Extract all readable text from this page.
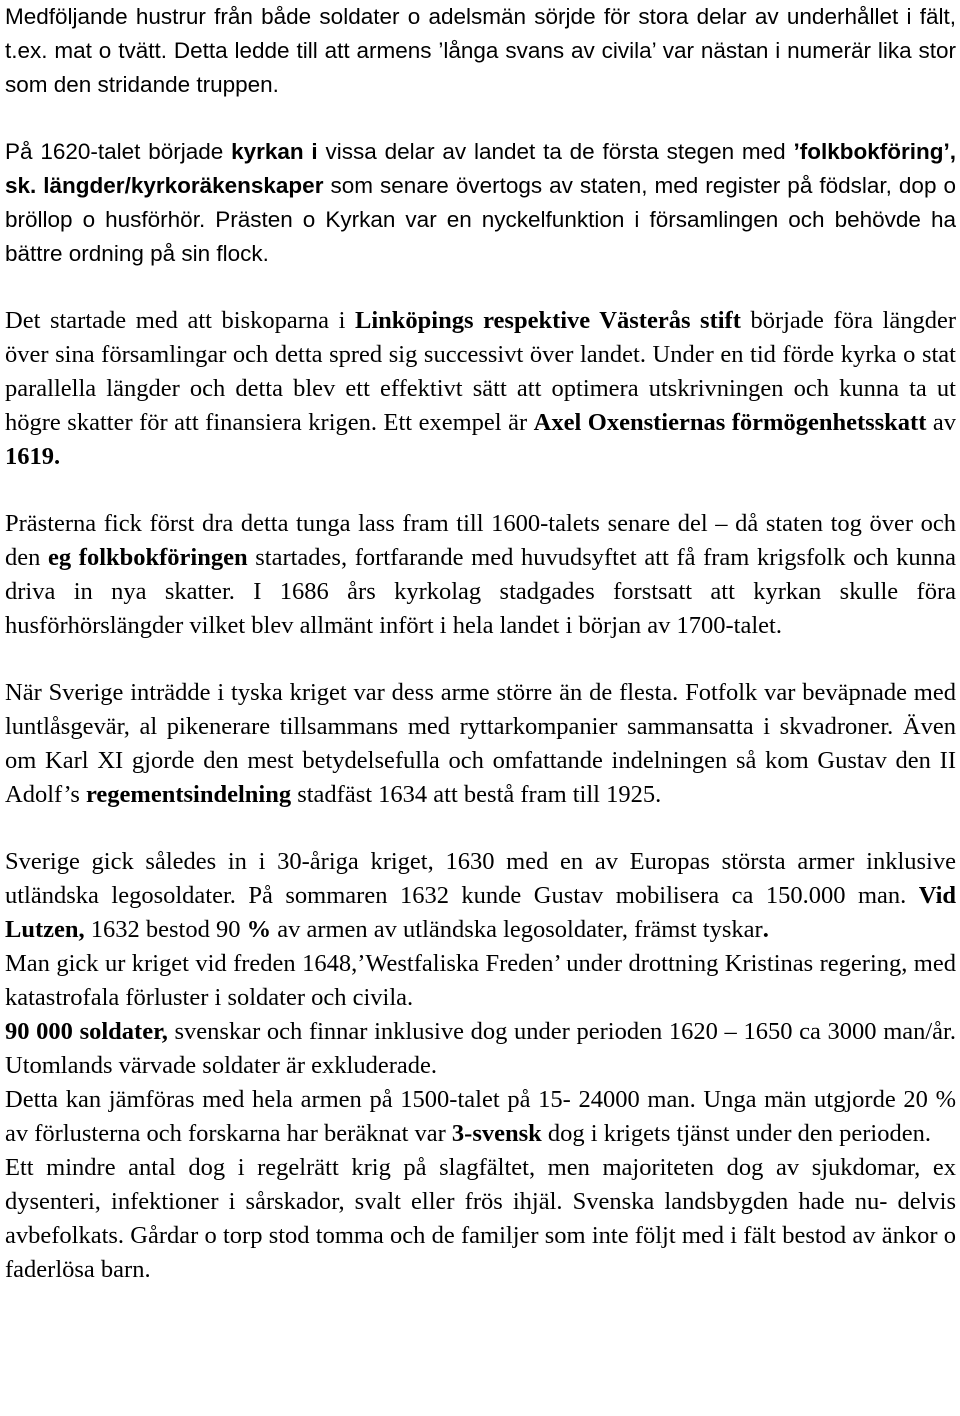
Medföljande hustrur från både soldater o adelsmän sörjde för stora delar av underhållet i fält, t.ex. mat o tvätt. Detta ledde till att armens ’långa svans av civila’ var nästan i numerär lika stor som den stridande truppen.

På 1620-talet började kyrkan i vissa delar av landet ta de första stegen med ’folkbokföring’, sk. längder/kyrkoräkenskaper som senare övertogs av staten, med register på födslar, dop o bröllop o husförhör. Prästen o Kyrkan var en nyckelfunktion i församlingen och behövde ha bättre ordning på sin flock.

Det startade med att biskoparna i Linköpings respektive Västerås stift började föra längder över sina församlingar och detta spred sig successivt över landet. Under en tid förde kyrka o stat parallella längder och detta blev ett effektivt sätt att optimera utskrivningen och kunna ta ut högre skatter för att finansiera krigen. Ett exempel är Axel Oxenstiernas förmögenhetsskatt av 1619.

Prästerna fick först dra detta tunga lass fram till 1600-talets senare del – då staten tog över och den eg folkbokföringen startades, fortfarande med huvudsyftet att få fram krigsfolk och kunna driva in nya skatter. I 1686 års kyrkolag stadgades forstsatt att kyrkan skulle föra husförhörslängder vilket blev allmänt infört i hela landet i början av 1700-talet.

När Sverige inträdde i tyska kriget var dess arme större än de flesta. Fotfolk var beväpnade med luntlåsgevär, al pikenerare tillsammans med ryttarkompanier sammansatta i skvadroner. Även om Karl XI gjorde den mest betydelsefulla och omfattande indelningen så kom Gustav den II Adolf’s regementsindelning stadfäst 1634 att bestå fram till 1925.

Sverige gick således in i 30-åriga kriget, 1630 med en av Europas största armer inklusive utländska legosoldater. På sommaren 1632 kunde Gustav mobilisera ca 150.000 man. Vid Lutzen, 1632 bestod 90 % av armen av utländska legosoldater, främst tyskar.

Man gick ur kriget vid freden 1648,’Westfaliska Freden’ under drottning Kristinas regering, med katastrofala förluster i soldater och civila.

90 000 soldater, svenskar och finnar inklusive dog under perioden 1620 – 1650 ca 3000 man/år. Utomlands värvade soldater är exkluderade.

Detta kan jämföras med hela armen på 1500-talet på 15- 24000 man. Unga män utgjorde 20 % av förlusterna och forskarna har beräknat var 3-svensk dog i krigets tjänst under den perioden.

Ett mindre antal dog i regelrätt krig på slagfältet, men majoriteten dog av sjukdomar, ex dysenteri, infektioner i sårskador, svalt eller frös ihjäl. Svenska landsbygden hade nu- delvis avbefolkats. Gårdar o torp stod tomma och de familjer som inte följt med i fält bestod av änkor o faderlösa barn.
